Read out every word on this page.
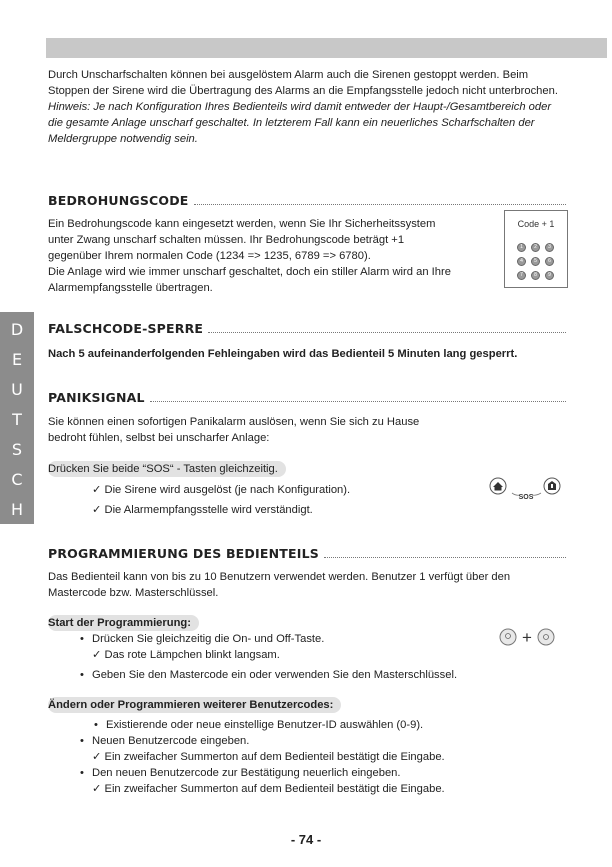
Durch Unscharfschalten können bei ausgelöstem Alarm auch die Sirenen gestoppt werden. Beim Stoppen der Sirene wird die Übertragung des Alarms an die Empfangsstelle jedoch nicht unterbrochen.

Hinweis: Je nach Konfiguration Ihres Bedienteils wird damit entweder der Haupt-/Gesamtbereich oder die gesamte Anlage unscharf geschaltet. In letzterem Fall kann ein neuerliches Scharfschalten der Meldergruppe notwendig sein.

D
E
U
T
S
C
H
BEDROHUNGSCODE

Ein Bedrohungscode kann eingesetzt werden, wenn Sie Ihr Sicherheitssystem

unter Zwang unscharf schalten müssen. Ihr Bedrohungscode beträgt +1

gegenüber Ihrem normalen Code (1234 => 1235, 6789 => 6780).

Die Anlage wird wie immer unscharf geschaltet, doch ein stiller Alarm wird an Ihre

Alarmempfangsstelle übertragen.

Code + 1
1	2	3
4	5	6
7	8	9
FALSCHCODE-SPERRE

Nach 5 aufeinanderfolgenden Fehleingaben wird das Bedienteil 5 Minuten lang gesperrt.

PANIKSIGNAL

Sie können einen sofortigen Panikalarm auslösen, wenn Sie sich zu Hause

bedroht fühlen, selbst bei unscharfer Anlage:

Drücken Sie beide “SOS“ - Tasten gleichzeitig.

✓ Die Sirene wird ausgelöst (je nach Konfiguration).

✓ Die Alarmempfangsstelle wird verständigt.

SOS
PROGRAMMIERUNG DES BEDIENTEILS

Das Bedienteil kann von bis zu 10 Benutzern verwendet werden. Benutzer 1 verfügt über den

Mastercode bzw. Masterschlüssel.

Start der Programmierung:

• Drücken Sie gleichzeitig die On- und Off-Taste.

✓ Das rote Lämpchen blinkt langsam.

• Geben Sie den Mastercode ein oder verwenden Sie den Masterschlüssel.

+
Ändern oder Programmieren weiterer Benutzercodes:

• Existierende oder neue einstellige Benutzer-ID auswählen (0-9).

• Neuen Benutzercode eingeben.

✓ Ein zweifacher Summerton auf dem Bedienteil bestätigt die Eingabe.

• Den neuen Benutzercode zur Bestätigung neuerlich eingeben.

✓ Ein zweifacher Summerton auf dem Bedienteil bestätigt die Eingabe.

- 74 -
